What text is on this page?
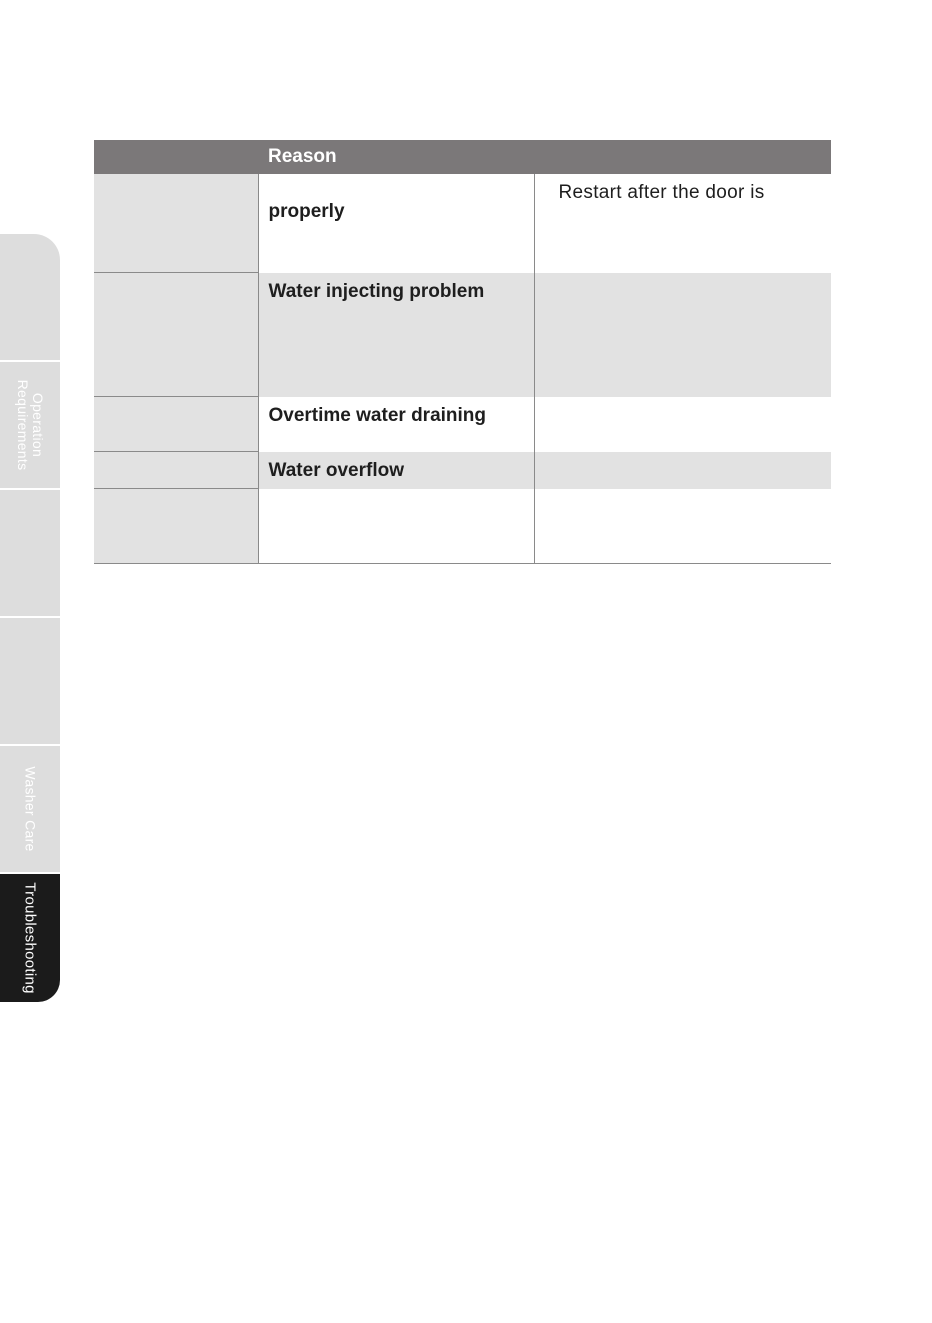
Operation
Requirements
Washer Care
Troubleshooting
	Reason	

	properly	Restart after the door is

	Water injecting problem	

	Overtime water draining	

	Water overflow	
